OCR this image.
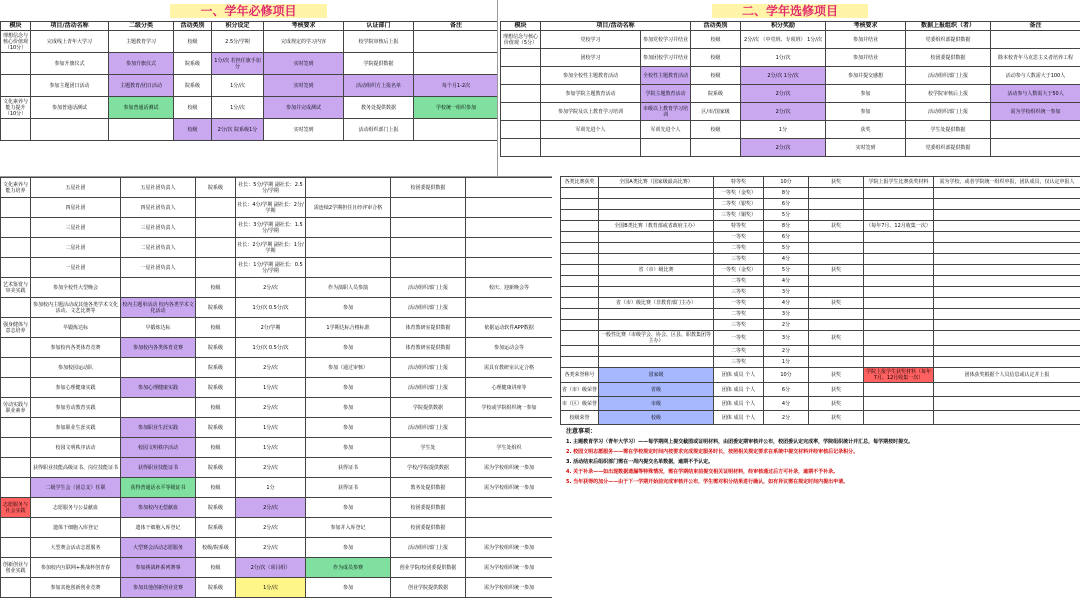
一、学年必修项目
模块	项目/活动名称	二级分类	活动类别	积分设定	考核要求	认证部门	备注
理想信念与核心价值观（10分）	完成线上青年大学习	主题教育学习	校级	2.5分/学期	完成规定的学习内容	校学院审核后上报	
	参加升旗仪式	参加升旗仪式	院系级	1分/次 若担任旗手加分	实时签到	学院提供数据	
	参加主题团日活动	主题教育/团日活动	院系级	1分/次	实时签到	活动组织方上报名单	每个月1-2次
文化素养与能力提升（10分）	参加普通话测试	参加普通话测试	校级	1分/次	参加并完成测试	教务处提供数据	学校统一组织参加
			校级	2分/次 院系级1分	实时签到	活动组织部门上报	
二、学年选修项目
模块	项目/活动名称		活动类别	积分奖励	考核要求	数据上报组织（者）	备注
理想信念与核心价值观（5分）	党校学习	参加党校学习并结业	校级	2分/次 （中党班、专项班） 1分/次	参加并结业	党委组织部提供数据	
	团校学习	参加团校学习并结业	校级	1分/次	参加并结业	校团委提供数据	除本校青年马克思主义者培养工程
	参加全校性主题教育活动	全校性主题教育活动	校级	2分/次 1分/次	参加并提交感想	活动组织部门上报	活动参与人数需大于100人
	参加学院主题教育活动	学院主题教育活动	院系级	2分/次	参加	校学院审核后上报	活动参与人数需大于50人
	参加学院及以上教育学习培训	市级以上教育学习培训	区/市/国家级	2分/次	参加	活动组织部门上报	需为学校组织统一参加
	军训先进个人	军训先进个人	校级	1分	获奖	学生处提供数据	
				2分/次	实时签到	党委组织部提供数据	
文化素养与能力培养	五星社团	五星社团负责人	院系级	社长：5分/学期 副社长：2.5分/学期		校团委提供数据	
	四星社团	四星社团负责人		社长：4分/学期 副社长：2分/学期	需连续2学期担任且经评审合格		
	三星社团	三星社团负责人		社长：3分/学期 副社长：1.5分/学期			
	二星社团	二星社团负责人		社长：2分/学期 副社长：1分/学期			
	一星社团	一星社团负责人		社长：1分/学期 副社长：0.5分/学期			
艺术鉴赏与审美实践	参加全校性大型晚会		校级	2分/次	作为演职人员参演	活动组织部门上报	校庆、迎新晚会等
	参加校内主题活动或其他各类学术文化活动、文艺比赛等	校内主题单活动 校内各类学术文化活动	院系级	1分/次 0.5分/次	参加	活动组织部门上报	
强身健体与意志培养	早锻炼达标	早锻炼达标	校级	2分/学期	1学期达标合格标准	体育教研室提供数据	依据运动软件APP数据
	参加校内各类体育竞赛	参加校内各类体育竞赛	院系级	1分/次 0.5分/次	参加	体育教研室提供数据	参加运动会等
	参加校园运动队		院系级	2分/次	参加（通过审核）	活动组织部门上报	需具有教研室认定合格
	参加心理健康实践	参加心理健康实践	院系级	1分/次	参加	活动组织部门上报	心理健康讲座等
劳动实践与职业素养	参加劳动教育实践		校级	2分/次	参加	学院提供数据	学校或学院组织统一参加
	参加职业生涯实践	参加职业生涯实践	院系级	1分/次	参加	活动组织部门上报	
	校园文明秩序活动	校园文明秩序活动	校级	1分/次	参加	学生处	学生处组织
	获得职业技能高级证书、岗位技能证书	获得职业技能证书	院系级	2分/次	获得证书	学校/学院提供数据	需为学校组织统一参加
	二级学生会（团总支）任职	获得普通话水平等级证书	校级	1分	获得证书	教务处提供数据	需为学校组织统一参加
志愿服务与社会实践	志愿服务与公益献血	参加校内无偿献血	院系级	2分/次	参加	校团委提供数据	
	遗体干细胞入库登记	遗体干细胞入库登记	院系级	2分/次	参加并入库登记	校团委提供数据	
	大型赛会活动志愿服务	大型赛会活动志愿服务	校级/院系级	2分/次	参加	活动组织部门上报	需为学校组织统一参加
创新创业与创业实践	参加校内互联网+挑战杯创青春	参加挑战杯系列赛事	校级	2分/次（项目组）	作为成员参赛	创业学院/校团委提供数据	需为学校组织统一参加
	参加其他创新创业竞赛	参加其他创新创业竞赛	院系级	1分/次	参加	创业学院提供数据	需为学校组织统一参加
各类比赛获奖	全国A类比赛（国家级最高比赛）	特等奖	10分	获奖	学院上报学生比赛获奖材料	需为学校、或者学院统一组织申报，团队成员，仅认定申报人
		一等奖（金奖）	8分			
		二等奖（银奖）	6分			
		三等奖（铜奖）	5分			
	全国B类比赛（教育部或省政府主办）	特等奖	8分	获奖	（每年7月、12月收集一次）	
		一等奖	6分			
		二等奖	5分			
		三等奖	4分			
	省（市）级比赛	一等奖（金奖）	5分	获奖		
		二等奖	4分			
		三等奖	3分			
	省（市）级比赛（非教育部门主办）	一等奖	4分	获奖		
		二等奖	3分			
		三等奖	2分			
	一般性比赛（市级学会、协会、区县、职教集团等主办）	一等奖	3分	获奖		
		二等奖	2分			
		三等奖	1分			
各类荣誉称号	国家级	团体 成员 个人	10分	获奖	学院上报学生获奖材料（每年7月、12月收集一次）	团体获奖根据个人员信息或认定并上报
省（市）级荣誉	省级	团体 成员 个人	6分	获奖		
市（区）级荣誉	市级	团体 成员 个人	4分	获奖		
校级荣誉	校级	团体 成员 个人	2分	获奖		
注意事项：
1. 主题教育学习（青年大学习）——每学期网上提交截图或证明材料，由团委定期审核并公布，校团委认定完成率，学院组织统计并汇总，每学期按时提交。
2. 校园文明志愿服务——需在学校规定时间内按要求完成规定服务时长，按照相关规定要求在系统中提交材料并经审核后记录积分。
3. 活动结束后组织部门需在一周内提交名单数据，逾期不予认定。
4. 关于补录——如出现数据遗漏等特殊情况，需在学期结束前提交相关证明材料，经审核通过后方可补录，逾期不予补录。
5. 当年获得的加分——由于下一学期开始前完成审核并公布，学生需对积分结果进行确认，如有异议需在规定时间内提出申请。
